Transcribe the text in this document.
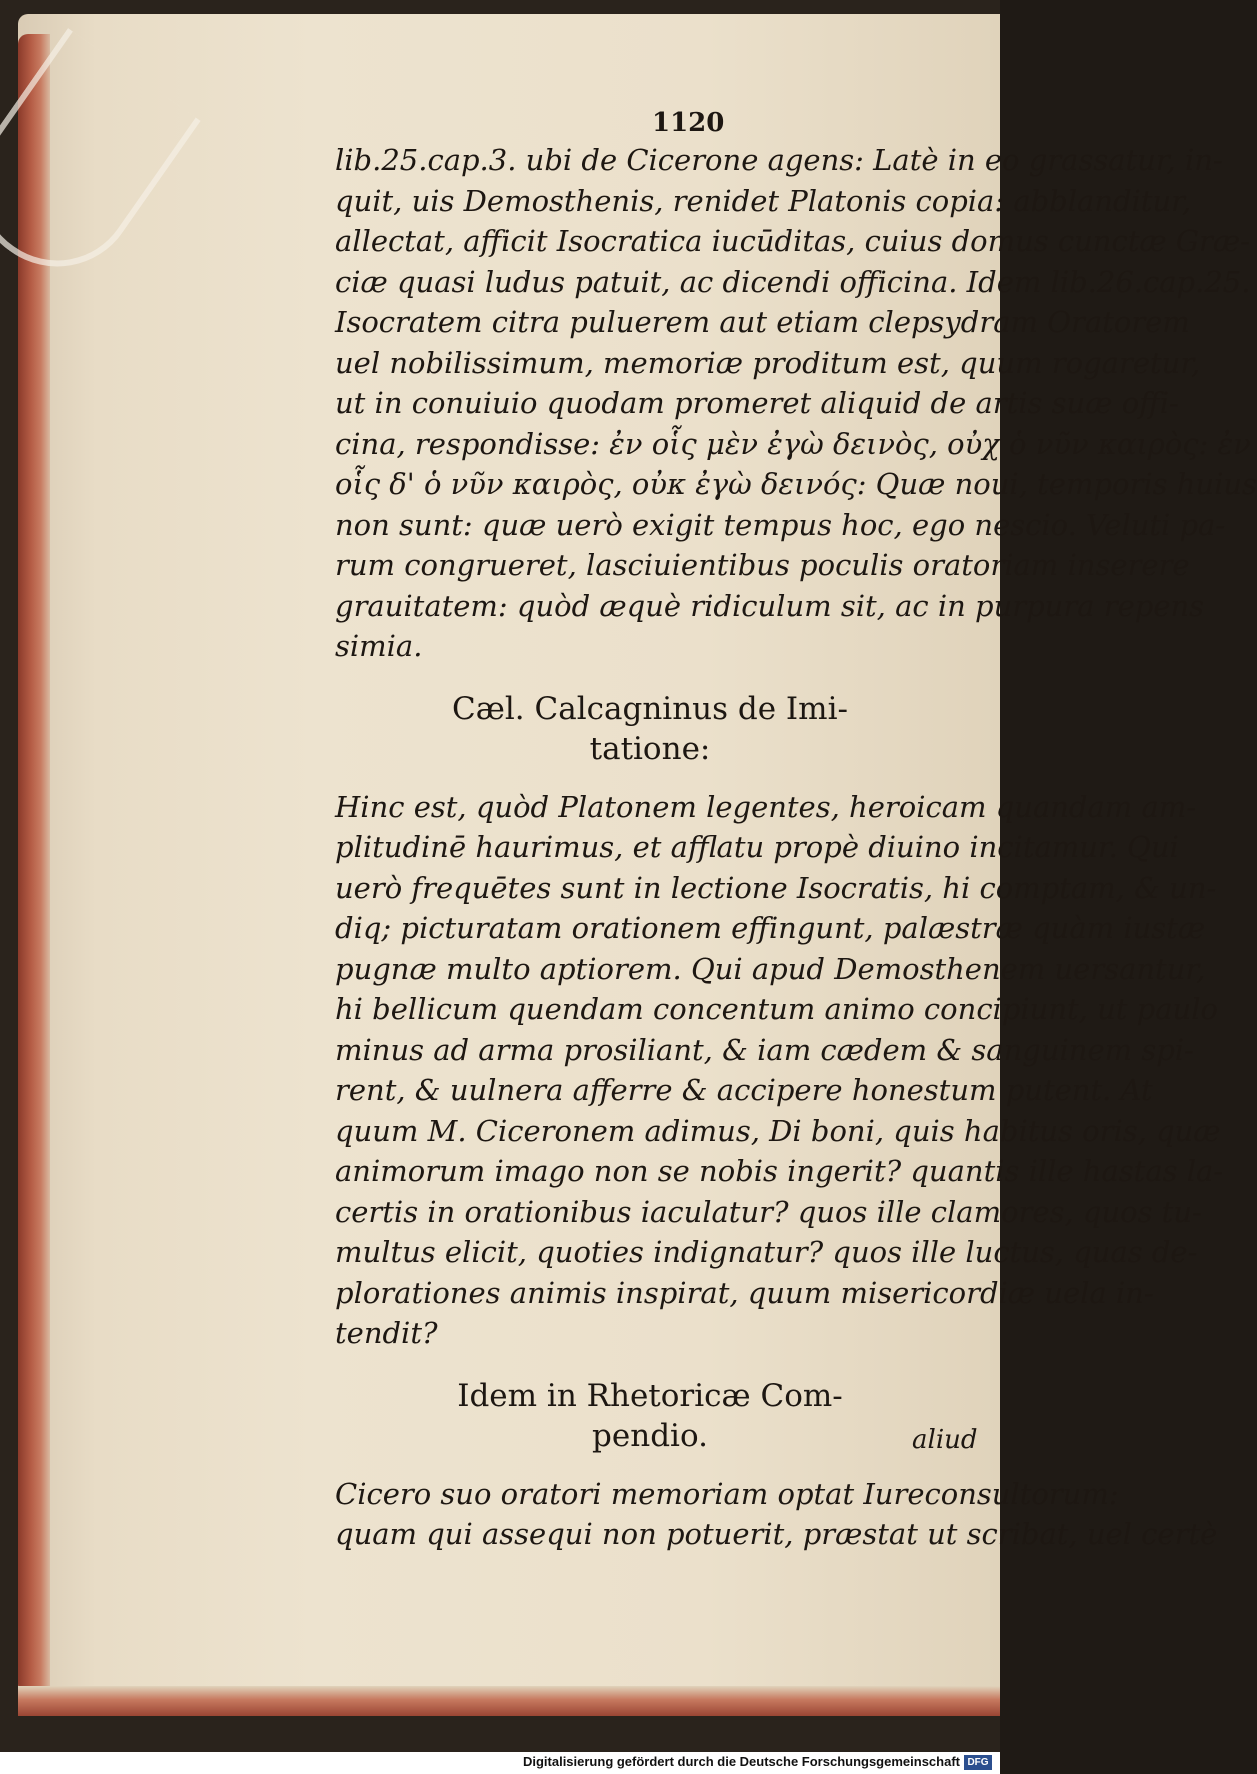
1120

lib.25.cap.3. ubi de Cicerone agens: Latè in eo grassatur, in-
quit, uis Demosthenis, renidet Platonis copia: abblanditur,
allectat, afficit Isocratica iucūditas, cuius domus cunctæ Græ-
ciæ quasi ludus patuit, ac dicendi officina. Idem lib.26.cap.25.
Isocratem citra puluerem aut etiam clepsydram Oratorem
uel nobilissimum, memoriæ proditum est, quum rogaretur,
ut in conuiuio quodam promeret aliquid de artis suæ offi-
cina, respondisse: ἐν οἷς μὲν ἐγὼ δεινὸς, οὐχ ὁ νῦν καιρὸς: ἐν
οἷς δ' ὁ νῦν καιρὸς, οὐκ ἐγὼ δεινός: Quæ noui, temporis huius
non sunt: quæ uerò exigit tempus hoc, ego nescio. Veluti pa-
rum congrueret, lasciuientibus poculis oratoriam inserere
grauitatem: quòd æquè ridiculum sit, ac in purpura repens
simia.

Cæl. Calcagninus de Imi-
tatione:

Hinc est, quòd Platonem legentes, heroicam quandam am-
plitudinē haurimus, et afflatu propè diuino incitamur. Qui
uerò frequētes sunt in lectione Isocratis, hi comptam, & un-
diq; picturatam orationem effingunt, palæstræ quàm iustæ
pugnæ multo aptiorem. Qui apud Demosthenem uersantur,
hi bellicum quendam concentum animo concipiunt, ut paulo
minus ad arma prosiliant, & iam cædem & sanguinem spi-
rent, & uulnera afferre & accipere honestum putent. At
quum M. Ciceronem adimus, Di boni, quis habitus oris, quæ
animorum imago non se nobis ingerit? quantis ille hastas la-
certis in orationibus iaculatur? quos ille clamores, quos tu-
multus elicit, quoties indignatur? quos ille luctus, quas de-
plorationes animis inspirat, quum misericordiæ uela in-
tendit?

Idem in Rhetoricæ Com-
pendio.

Cicero suo oratori memoriam optat Iureconsultorum:
quam qui assequi non potuerit, præstat ut scribat, uel certè

aliud
Digitalisierung gefördert durch die Deutsche Forschungsgemeinschaft DFG
